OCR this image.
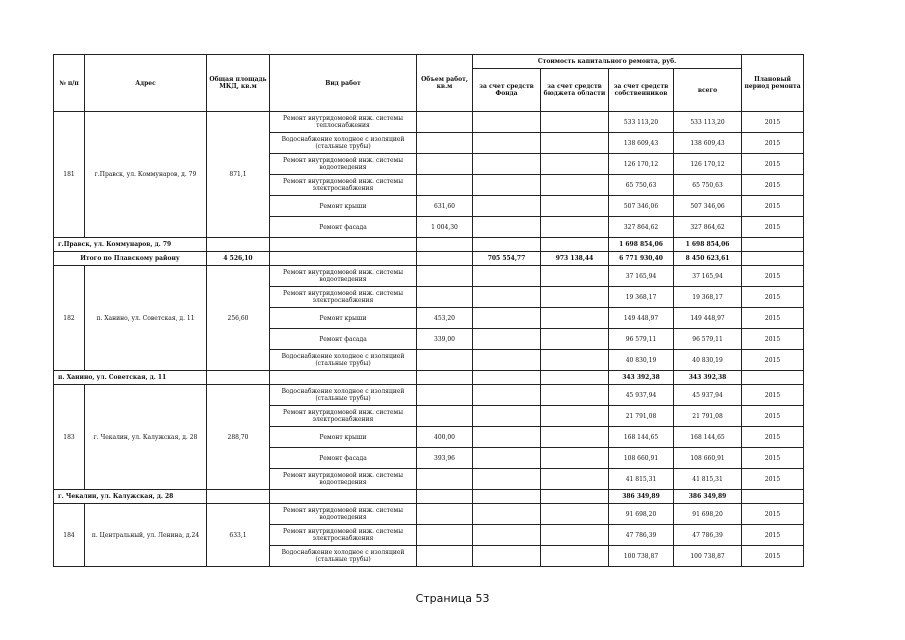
№ п/п	Адрес	Общая площадь МКД, кв.м	Вид работ	Объем работ, кв.м	Стоимость капитального ремонта, руб.				Плановый период ремонта
					за счет средств Фонда	за счет средств бюджета области	за счет средств собственников	всего	
181	г.Правск, ул. Коммунаров, д. 79	871,1	Ремонт внутридомовой инж. системы теплоснабжения				533 113,20	533 113,20	2015
			Водоснабжение холодное с изоляцией (стальные трубы)				138 609,43	138 609,43	2015
			Ремонт внутридомовой инж. системы водоотведения				126 170,12	126 170,12	2015
			Ремонт внутридомовой инж. системы электроснабжения				65 750,63	65 750,63	2015
			Ремонт крыши	631,60			507 346,06	507 346,06	2015
			Ремонт фасада	1 004,30			327 864,62	327 864,62	2015
г.Правск, ул. Коммунаров, д. 79							1 698 854,06	1 698 854,06	
Итого по Плавскому району		4 526,10			705 554,77	973 138,44	6 771 930,40	8 450 623,61	
182	п. Ханино, ул. Советская, д. 11	256,60	Ремонт внутридомовой инж. системы водоотведения				37 165,94	37 165,94	2015
			Ремонт внутридомовой инж. системы электроснабжения				19 368,17	19 368,17	2015
			Ремонт крыши	453,20			149 448,97	149 448,97	2015
			Ремонт фасада	339,00			96 579,11	96 579,11	2015
			Водоснабжение холодное с изоляцией (стальные трубы)				40 830,19	40 830,19	2015
п. Ханино, ул. Советская, д. 11							343 392,38	343 392,38	
183	г. Чекалин, ул. Калужская, д. 28	288,70	Водоснабжение холодное с изоляцией (стальные трубы)				45 937,94	45 937,94	2015
			Ремонт внутридомовой инж. системы электроснабжения				21 791,08	21 791,08	2015
			Ремонт крыши	400,00			168 144,65	168 144,65	2015
			Ремонт фасада	393,96			108 660,91	108 660,91	2015
			Ремонт внутридомовой инж. системы водоотведения				41 815,31	41 815,31	2015
г. Чекалин, ул. Калужская, д. 28							386 349,89	386 349,89	
184	п. Центральный, ул. Ленина, д.24	633,1	Ремонт внутридомовой инж. системы водоотведения				91 698,20	91 698,20	2015
			Ремонт внутридомовой инж. системы электроснабжения				47 786,39	47 786,39	2015
			Водоснабжение холодное с изоляцией (стальные трубы)				100 738,87	100 738,87	2015
Страница 53
